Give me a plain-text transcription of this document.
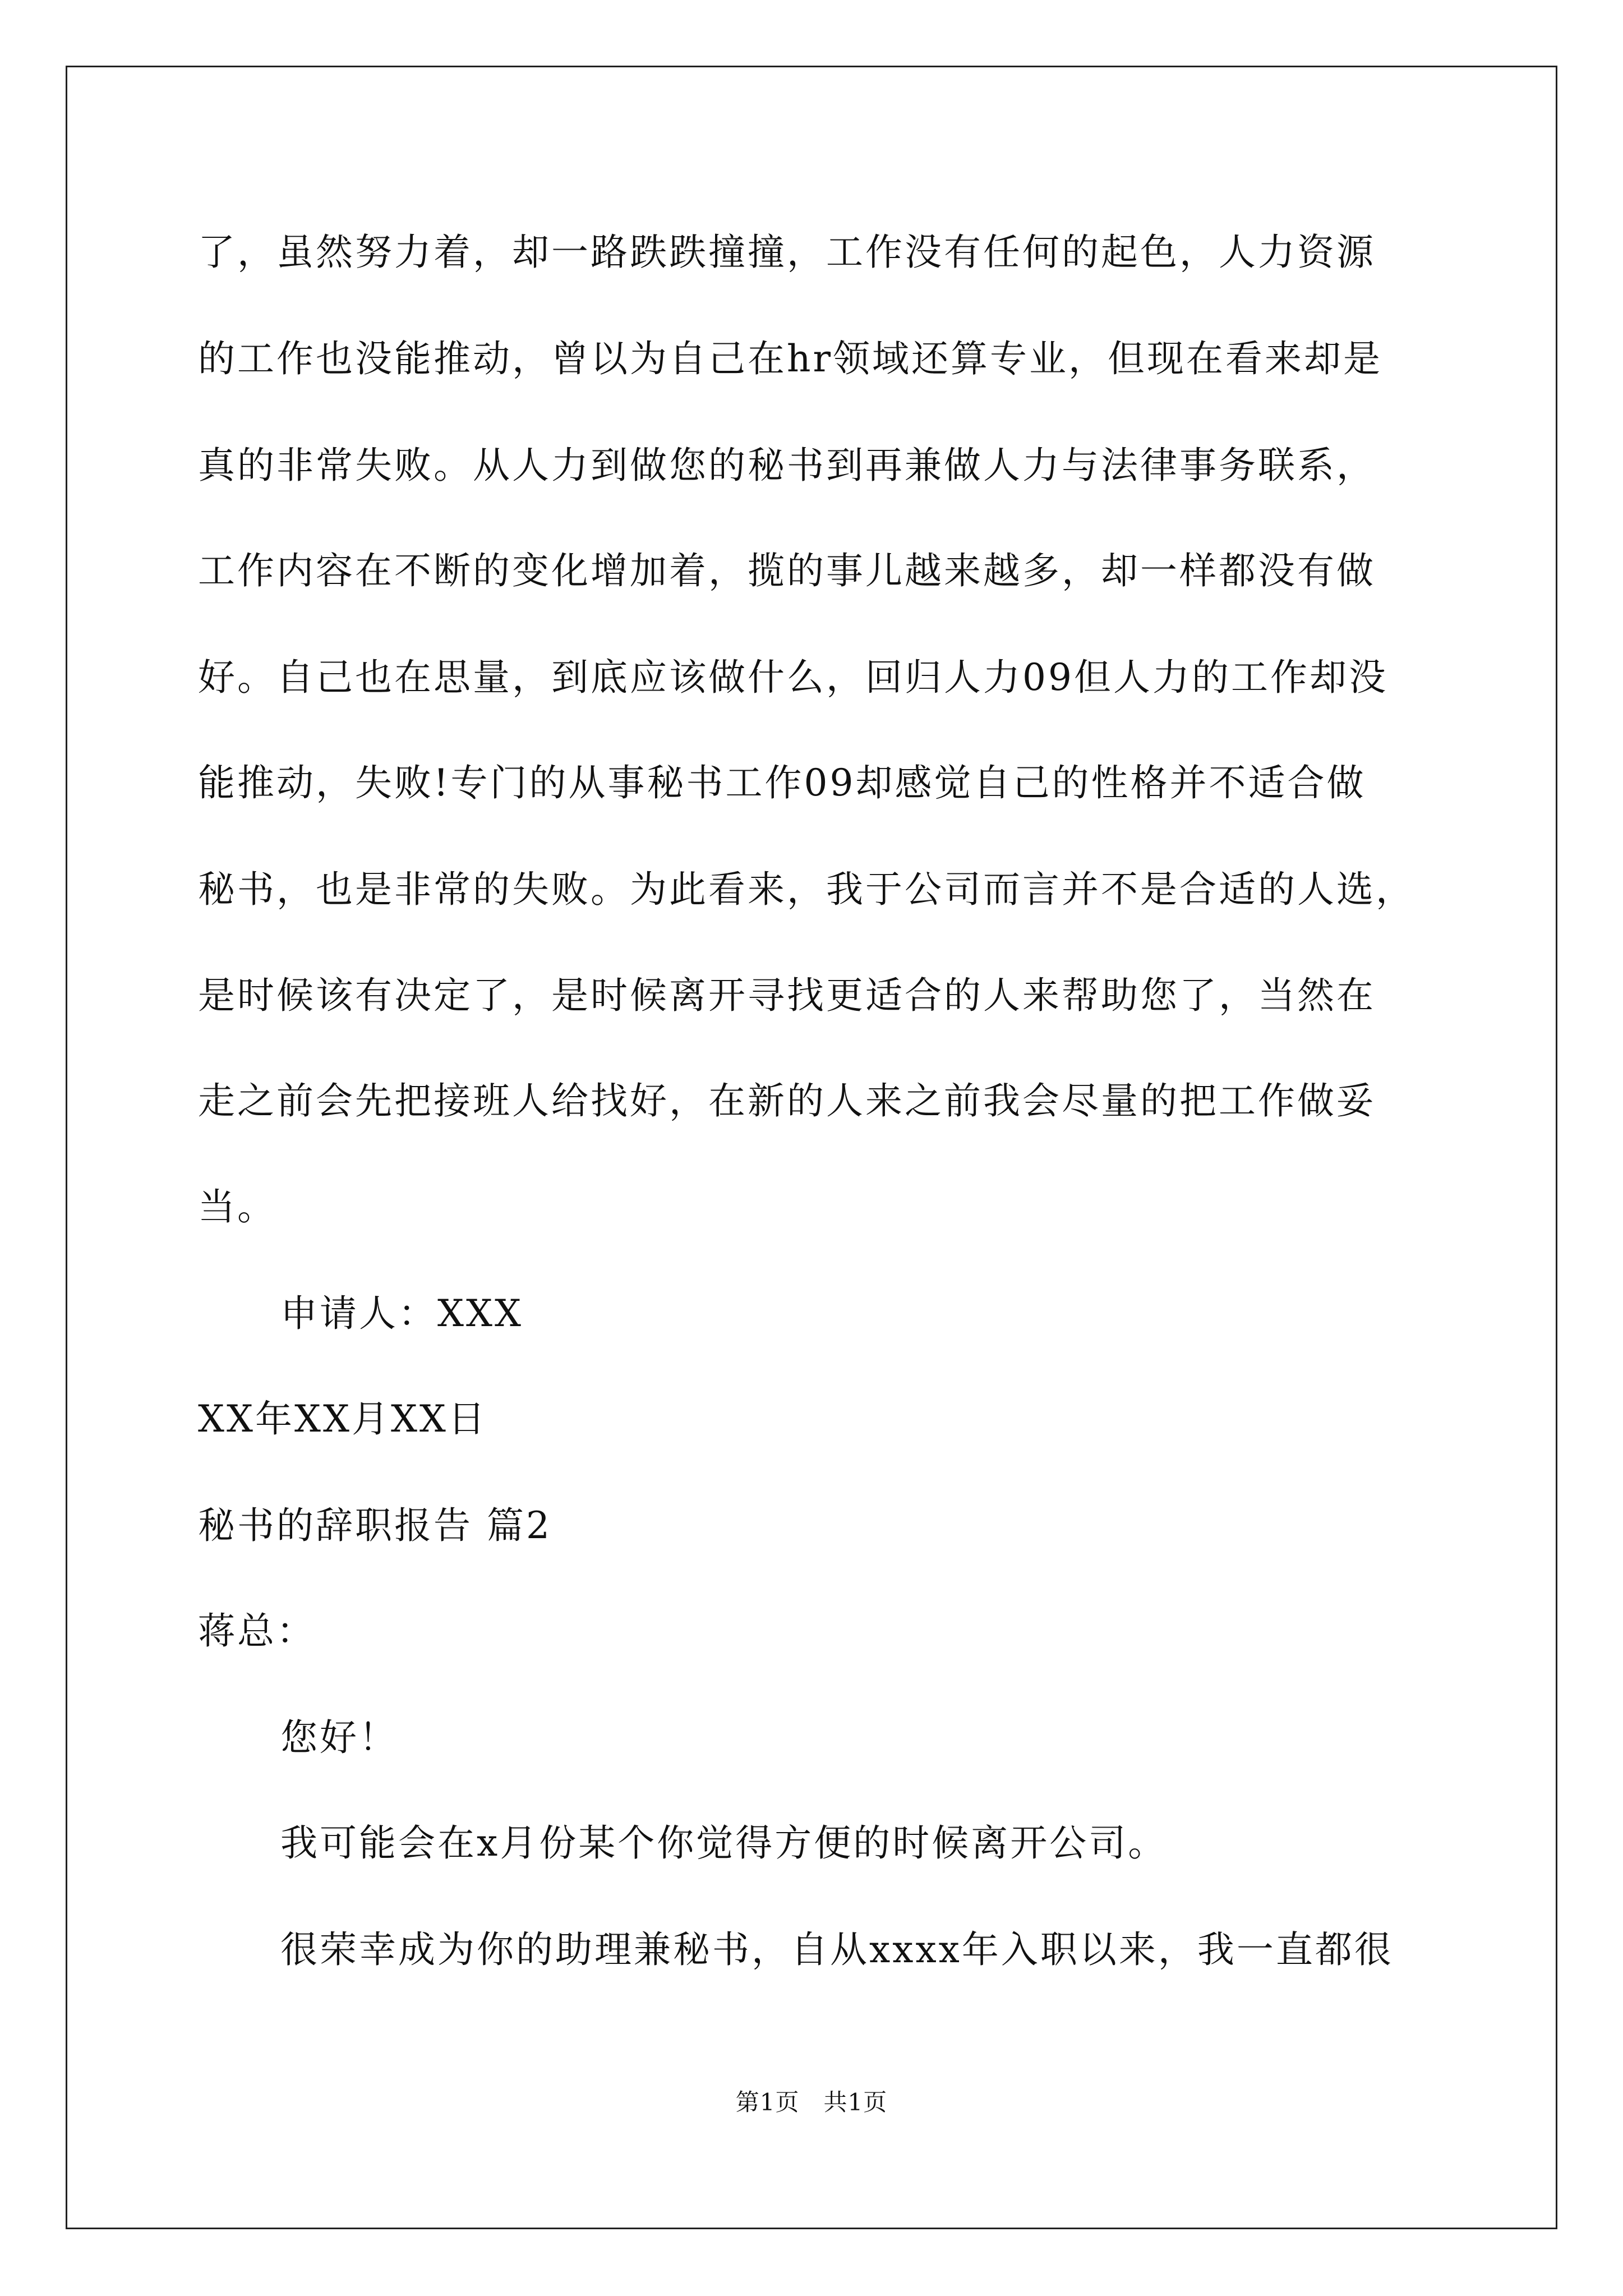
了，虽然努力着，却一路跌跌撞撞，工作没有任何的起色，人力资源
的工作也没能推动，曾以为自己在hr领域还算专业，但现在看来却是
真的非常失败。从人力到做您的秘书到再兼做人力与法律事务联系，
工作内容在不断的变化增加着，揽的事儿越来越多，却一样都没有做
好。自己也在思量，到底应该做什么，回归人力09但人力的工作却没
能推动，失败!专门的从事秘书工作09却感觉自己的性格并不适合做
秘书，也是非常的失败。为此看来，我于公司而言并不是合适的人选，
是时候该有决定了，是时候离开寻找更适合的人来帮助您了，当然在
走之前会先把接班人给找好，在新的人来之前我会尽量的把工作做妥
当。
申请人：XXX
XX年XX月XX日
秘书的辞职报告 篇2
蒋总：
您好！
我可能会在x月份某个你觉得方便的时候离开公司。
很荣幸成为你的助理兼秘书，自从xxxx年入职以来，我一直都很
第1页　共1页
